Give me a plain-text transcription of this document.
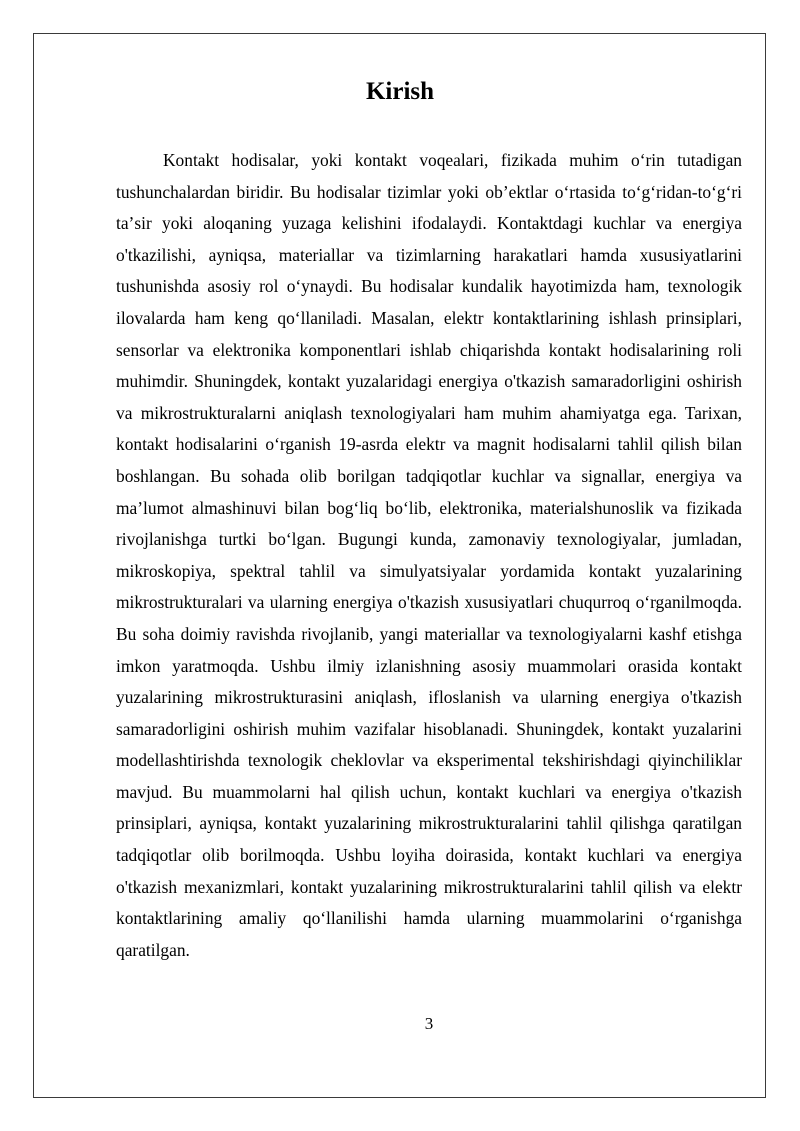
Kirish

Kontakt hodisalar, yoki kontakt voqealari, fizikada muhim oʻrin tutadigan tushunchalardan biridir. Bu hodisalar tizimlar yoki obʼektlar oʻrtasida toʻgʻridan-toʻgʻri taʼsir yoki aloqaning yuzaga kelishini ifodalaydi. Kontaktdagi kuchlar va energiya o'tkazilishi, ayniqsa, materiallar va tizimlarning harakatlari hamda xususiyatlarini tushunishda asosiy rol oʻynaydi. Bu hodisalar kundalik hayotimizda ham, texnologik ilovalarda ham keng qoʻllaniladi. Masalan, elektr kontaktlarining ishlash prinsiplari, sensorlar va elektronika komponentlari ishlab chiqarishda kontakt hodisalarining roli muhimdir. Shuningdek, kontakt yuzalaridagi energiya o'tkazish samaradorligini oshirish va mikrostrukturalarni aniqlash texnologiyalari ham muhim ahamiyatga ega. Tarixan, kontakt hodisalarini oʻrganish 19-asrda elektr va magnit hodisalarni tahlil qilish bilan boshlangan. Bu sohada olib borilgan tadqiqotlar kuchlar va signallar, energiya va maʼlumot almashinuvi bilan bogʻliq boʻlib, elektronika, materialshunoslik va fizikada rivojlanishga turtki boʻlgan. Bugungi kunda, zamonaviy texnologiyalar, jumladan, mikroskopiya, spektral tahlil va simulyatsiyalar yordamida kontakt yuzalarining mikrostrukturalari va ularning energiya o'tkazish xususiyatlari chuqurroq oʻrganilmoqda. Bu soha doimiy ravishda rivojlanib, yangi materiallar va texnologiyalarni kashf etishga imkon yaratmoqda. Ushbu ilmiy izlanishning asosiy muammolari orasida kontakt yuzalarining mikrostrukturasini aniqlash, ifloslanish va ularning energiya o'tkazish samaradorligini oshirish muhim vazifalar hisoblanadi. Shuningdek, kontakt yuzalarini modellashtirishda texnologik cheklovlar va eksperimental tekshirishdagi qiyinchiliklar mavjud. Bu muammolarni hal qilish uchun, kontakt kuchlari va energiya o'tkazish prinsiplari, ayniqsa, kontakt yuzalarining mikrostrukturalarini tahlil qilishga qaratilgan tadqiqotlar olib borilmoqda. Ushbu loyiha doirasida, kontakt kuchlari va energiya o'tkazish mexanizmlari, kontakt yuzalarining mikrostrukturalarini tahlil qilish va elektr kontaktlarining amaliy qoʻllanilishi hamda ularning muammolarini oʻrganishga qaratilgan.

3
